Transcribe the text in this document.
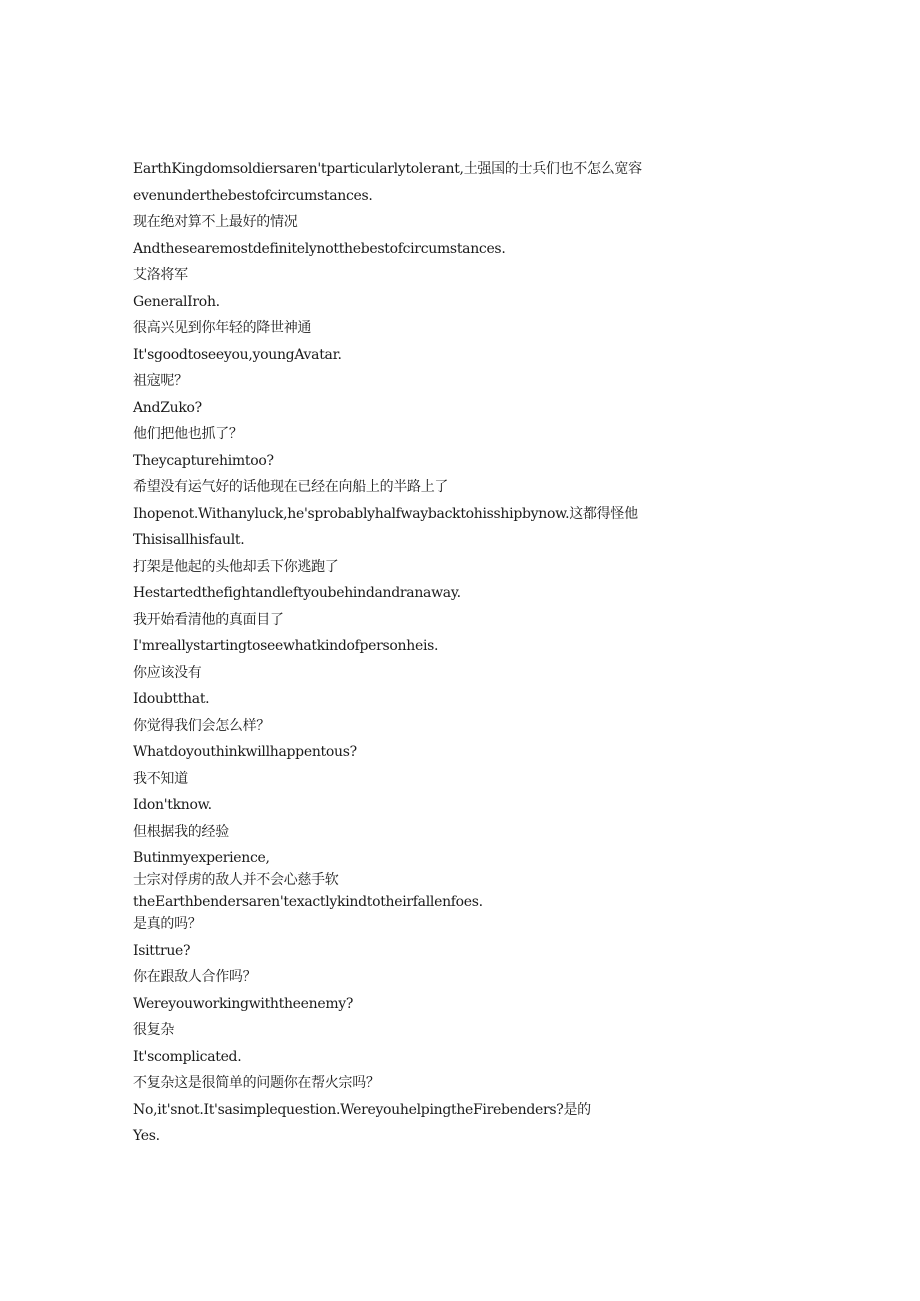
EarthKingdomsoldiersaren'tparticularlytolerant,土强国的士兵们也不怎么宽容

evenunderthebestofcircumstances.

现在绝对算不上最好的情况

Andthesearemostdefinitelynotthebestofcircumstances.

艾洛将军

GeneralIroh.

很高兴见到你年轻的降世神通

It'sgoodtoseeyou,youngAvatar.

祖寇呢？

AndZuko?

他们把他也抓了？

Theycapturehimtoo?

希望没有运气好的话他现在已经在向船上的半路上了

Ihopenot.Withanyluck,he'sprobablyhalfwaybacktohisshipbynow.这都得怪他

Thisisallhisfault.

打架是他起的头他却丢下你逃跑了

Hestartedthefightandleftyoubehindandranaway.

我开始看清他的真面目了

I'mreallystartingtoseewhatkindofpersonheis.

你应该没有

Idoubtthat.

你觉得我们会怎么样？

Whatdoyouthinkwillhappentous?

我不知道

Idon'tknow.

但根据我的经验

Butinmyexperience,

士宗对俘虏的敌人并不会心慈手软

theEarthbendersaren'texactlykindtotheirfallenfoes.

是真的吗？

Isittrue?

你在跟敌人合作吗？

Wereyouworkingwiththeenemy?

很复杂

It'scomplicated.

不复杂这是很简单的问题你在帮火宗吗？

No,it'snot.It'sasimplequestion.WereyouhelpingtheFirebenders?是的

Yes.
